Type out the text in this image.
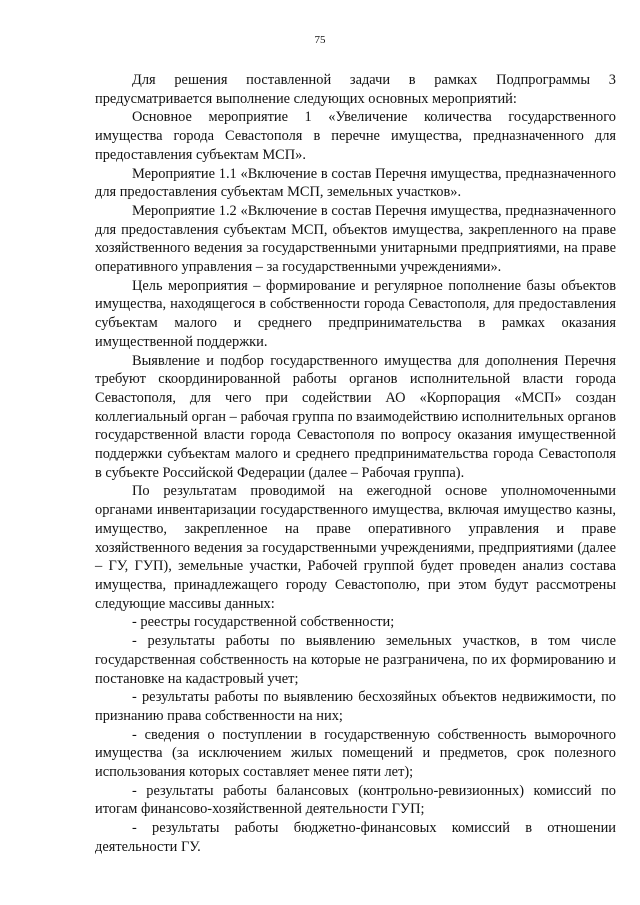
75

Для решения поставленной задачи в рамках Подпрограммы 3 предусматривается выполнение следующих основных мероприятий:

Основное мероприятие 1 «Увеличение количества государственного имущества города Севастополя в перечне имущества, предназначенного для предоставления субъектам МСП».

Мероприятие 1.1 «Включение в состав Перечня имущества, предназначенного для предоставления субъектам МСП, земельных участков».

Мероприятие 1.2 «Включение в состав Перечня имущества, предназначенного для предоставления субъектам МСП, объектов имущества, закрепленного на праве хозяйственного ведения за государственными унитарными предприятиями, на праве оперативного управления – за государственными учреждениями».

Цель мероприятия – формирование и регулярное пополнение базы объектов имущества, находящегося в собственности города Севастополя, для предоставления субъектам малого и среднего предпринимательства в рамках оказания имущественной поддержки.

Выявление и подбор государственного имущества для дополнения Перечня требуют скоординированной работы органов исполнительной власти города Севастополя, для чего при содействии АО «Корпорация «МСП» создан коллегиальный орган – рабочая группа по взаимодействию исполнительных органов государственной власти города Севастополя по вопросу оказания имущественной поддержки субъектам малого и среднего предпринимательства города Севастополя в субъекте Российской Федерации (далее – Рабочая группа).

По результатам проводимой на ежегодной основе уполномоченными органами инвентаризации государственного имущества, включая имущество казны, имущество, закрепленное на праве оперативного управления и праве хозяйственного ведения за государственными учреждениями, предприятиями (далее – ГУ, ГУП), земельные участки, Рабочей группой будет проведен анализ состава имущества, принадлежащего городу Севастополю, при этом будут рассмотрены следующие массивы данных:

- реестры государственной собственности;

- результаты работы по выявлению земельных участков, в том числе государственная собственность на которые не разграничена, по их формированию и постановке на кадастровый учет;

- результаты работы по выявлению бесхозяйных объектов недвижимости, по признанию права собственности на них;

- сведения о поступлении в государственную собственность выморочного имущества (за исключением жилых помещений и предметов, срок полезного использования которых составляет менее пяти лет);

- результаты работы балансовых (контрольно-ревизионных) комиссий по итогам финансово-хозяйственной деятельности ГУП;

- результаты работы бюджетно-финансовых комиссий в отношении деятельности ГУ.
